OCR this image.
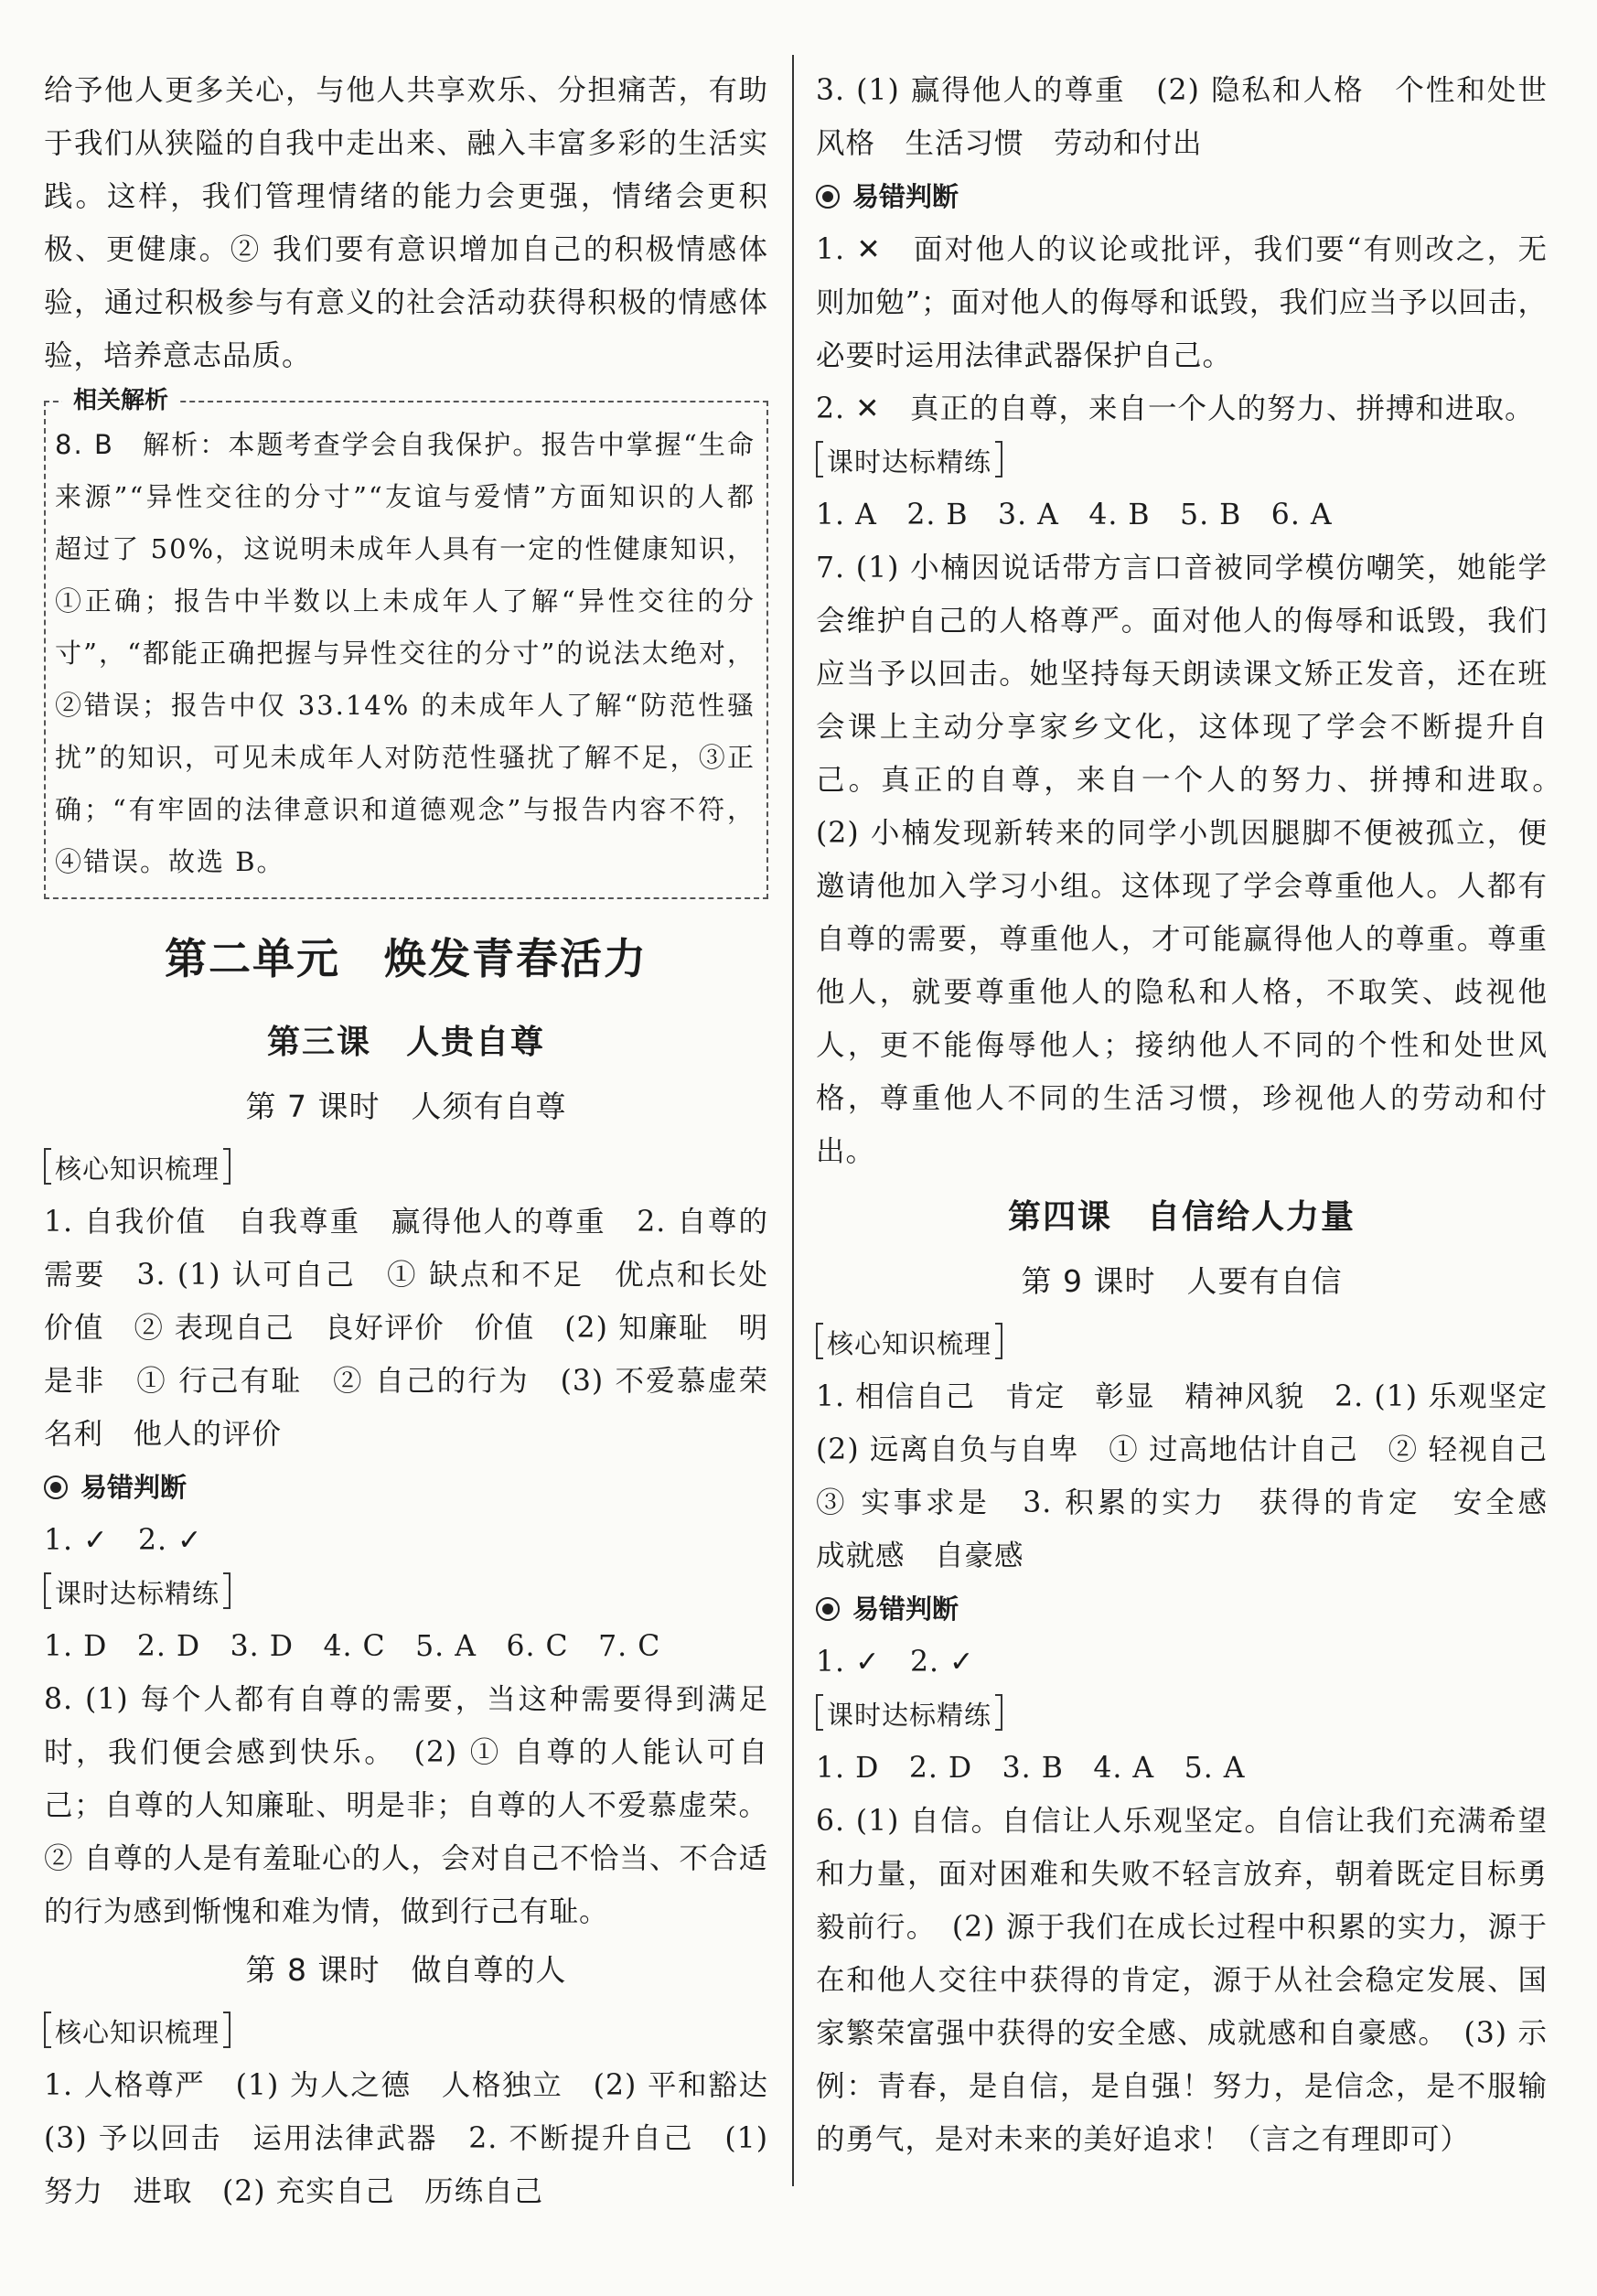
给予他人更多关心，与他人共享欢乐、分担痛苦，有助于我们从狭隘的自我中走出来、融入丰富多彩的生活实践。这样，我们管理情绪的能力会更强，情绪会更积极、更健康。② 我们要有意识增加自己的积极情感体验，通过积极参与有意义的社会活动获得积极的情感体验，培养意志品质。

相关解析

8. B　 解析：本题考查学会自我保护。报告中掌握“生命来源”“异性交往的分寸”“友谊与爱情”方面知识的人都超过了 50%，这说明未成年人具有一定的性健康知识，①正确；报告中半数以上未成年人了解“异性交往的分寸”，“都能正确把握与异性交往的分寸”的说法太绝对，②错误；报告中仅 33.14% 的未成年人了解“防范性骚扰”的知识，可见未成年人对防范性骚扰了解不足，③正确；“有牢固的法律意识和道德观念”与报告内容不符，④错误。故选 B。

第二单元　焕发青春活力
第三课　人贵自尊
第 7 课时　人须有自尊
核心知识梳理

1. 自我价值　自我尊重　赢得他人的尊重　2. 自尊的需要　3. (1) 认可自己　① 缺点和不足　优点和长处　价值　② 表现自己　良好评价　价值　(2) 知廉耻　明是非　① 行己有耻　② 自己的行为　(3) 不爱慕虚荣　名利　他人的评价

易错判断

1. ✓　2. ✓

课时达标精练

1. D　2. D　3. D　4. C　5. A　6. C　7. C

8. (1) 每个人都有自尊的需要，当这种需要得到满足时，我们便会感到快乐。　(2) ① 自尊的人能认可自己；自尊的人知廉耻、明是非；自尊的人不爱慕虚荣。② 自尊的人是有羞耻心的人，会对自己不恰当、不合适的行为感到惭愧和难为情，做到行己有耻。

第 8 课时　做自尊的人
核心知识梳理

1. 人格尊严　(1) 为人之德　人格独立　(2) 平和豁达　(3) 予以回击　运用法律武器　2. 不断提升自己　(1) 努力　进取　(2) 充实自己　历练自己

3. (1) 赢得他人的尊重　(2) 隐私和人格　个性和处世风格　生活习惯　劳动和付出

易错判断

1. ✕　面对他人的议论或批评，我们要“有则改之，无则加勉”；面对他人的侮辱和诋毁，我们应当予以回击，必要时运用法律武器保护自己。

2. ✕　真正的自尊，来自一个人的努力、拼搏和进取。

课时达标精练

1. A　2. B　3. A　4. B　5. B　6. A

7. (1) 小楠因说话带方言口音被同学模仿嘲笑，她能学会维护自己的人格尊严。面对他人的侮辱和诋毁，我们应当予以回击。她坚持每天朗读课文矫正发音，还在班会课上主动分享家乡文化，这体现了学会不断提升自己。真正的自尊，来自一个人的努力、拼搏和进取。　(2) 小楠发现新转来的同学小凯因腿脚不便被孤立，便邀请他加入学习小组。这体现了学会尊重他人。人都有自尊的需要，尊重他人，才可能赢得他人的尊重。尊重他人，就要尊重他人的隐私和人格，不取笑、歧视他人，更不能侮辱他人；接纳他人不同的个性和处世风格，尊重他人不同的生活习惯，珍视他人的劳动和付出。

第四课　自信给人力量
第 9 课时　人要有自信
核心知识梳理

1. 相信自己　肯定　彰显　精神风貌　2. (1) 乐观坚定　(2) 远离自负与自卑　① 过高地估计自己　② 轻视自己　③ 实事求是　3. 积累的实力　获得的肯定　安全感　成就感　自豪感

易错判断

1. ✓　2. ✓

课时达标精练

1. D　2. D　3. B　4. A　5. A

6. (1) 自信。自信让人乐观坚定。自信让我们充满希望和力量，面对困难和失败不轻言放弃，朝着既定目标勇毅前行。　(2) 源于我们在成长过程中积累的实力，源于在和他人交往中获得的肯定，源于从社会稳定发展、国家繁荣富强中获得的安全感、成就感和自豪感。　(3) 示例：青春，是自信，是自强！努力，是信念，是不服输的勇气，是对未来的美好追求！（言之有理即可）
